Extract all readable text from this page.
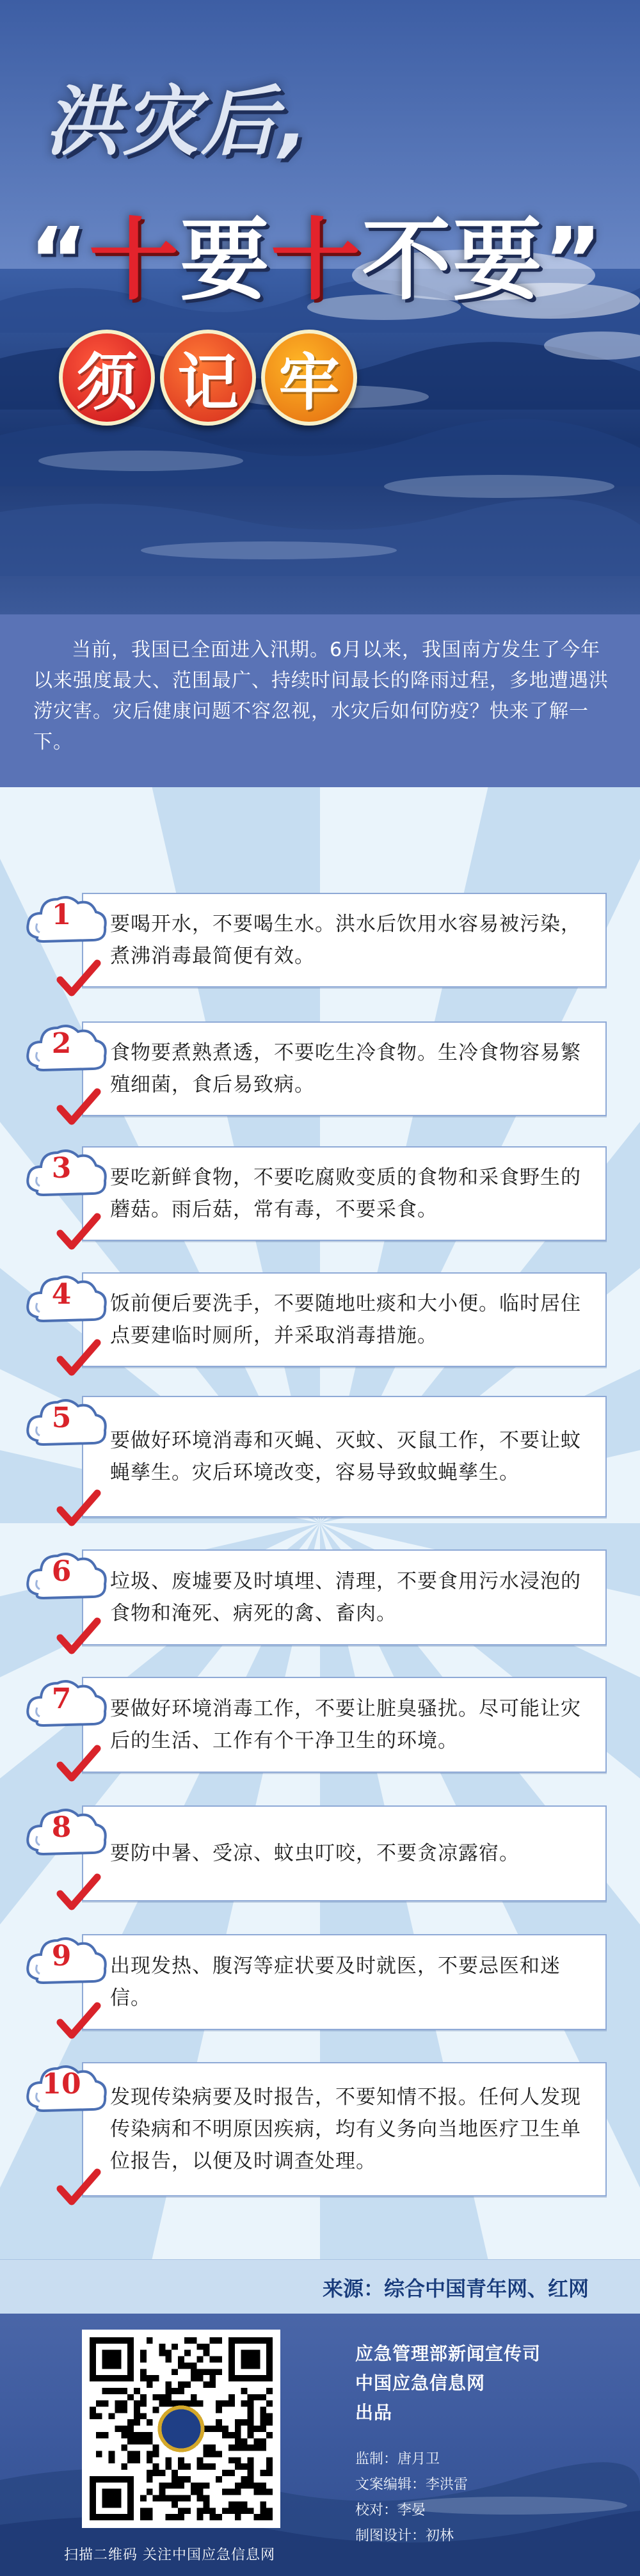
洪灾后,
“十要十不要”
须 记 牢

当前，我国已全面进入汛期。6月以来，我国南方发生了今年以来强度最大、范围最广、持续时间最长的降雨过程，多地遭遇洪涝灾害。灾后健康问题不容忽视，水灾后如何防疫？快来了解一下。

要喝开水，不要喝生水。洪水后饮用水容易被污染，煮沸消毒最简便有效。

1

食物要煮熟煮透，不要吃生冷食物。生冷食物容易繁殖细菌，食后易致病。

2

要吃新鲜食物，不要吃腐败变质的食物和采食野生的蘑菇。雨后菇，常有毒，不要采食。

3

饭前便后要洗手，不要随地吐痰和大小便。临时居住点要建临时厕所，并采取消毒措施。

4

要做好环境消毒和灭蝇、灭蚊、灭鼠工作，不要让蚊蝇孳生。灾后环境改变，容易导致蚊蝇孳生。

5

垃圾、废墟要及时填埋、清理，不要食用污水浸泡的食物和淹死、病死的禽、畜肉。

6

要做好环境消毒工作，不要让脏臭骚扰。尽可能让灾后的生活、工作有个干净卫生的环境。

7

要防中暑、受凉、蚊虫叮咬，不要贪凉露宿。

8

出现发热、腹泻等症状要及时就医，不要忌医和迷信。

9

发现传染病要及时报告，不要知情不报。任何人发现传染病和不明原因疾病，均有义务向当地医疗卫生单位报告，以便及时调查处理。

10
来源：综合中国青年网、红网
扫描二维码 关注中国应急信息网
应急管理部新闻宣传司
中国应急信息网
出品
监制：唐月卫
文案编辑：李洪雷
校对：李晏
制图设计：初林
